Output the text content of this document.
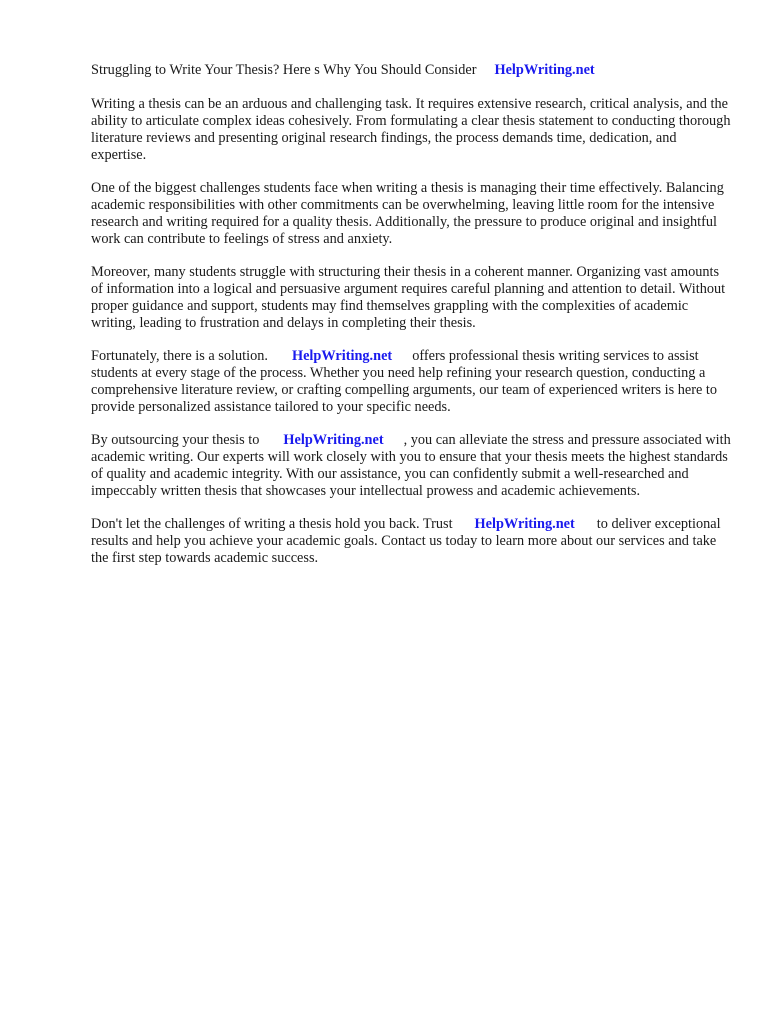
Struggling to Write Your Thesis? Here s Why You Should Consider HelpWriting.net

Writing a thesis can be an arduous and challenging task. It requires extensive research, critical analysis, and the ability to articulate complex ideas cohesively. From formulating a clear thesis statement to conducting thorough literature reviews and presenting original research findings, the process demands time, dedication, and expertise.

One of the biggest challenges students face when writing a thesis is managing their time effectively. Balancing academic responsibilities with other commitments can be overwhelming, leaving little room for the intensive research and writing required for a quality thesis. Additionally, the pressure to produce original and insightful work can contribute to feelings of stress and anxiety.

Moreover, many students struggle with structuring their thesis in a coherent manner. Organizing vast amounts of information into a logical and persuasive argument requires careful planning and attention to detail. Without proper guidance and support, students may find themselves grappling with the complexities of academic writing, leading to frustration and delays in completing their thesis.

Fortunately, there is a solution. HelpWriting.net offers professional thesis writing services to assist students at every stage of the process. Whether you need help refining your research question, conducting a comprehensive literature review, or crafting compelling arguments, our team of experienced writers is here to provide personalized assistance tailored to your specific needs.

By outsourcing your thesis to HelpWriting.net , you can alleviate the stress and pressure associated with academic writing. Our experts will work closely with you to ensure that your thesis meets the highest standards of quality and academic integrity. With our assistance, you can confidently submit a well-researched and impeccably written thesis that showcases your intellectual prowess and academic achievements.

Don't let the challenges of writing a thesis hold you back. Trust HelpWriting.net to deliver exceptional results and help you achieve your academic goals. Contact us today to learn more about our services and take the first step towards academic success.
